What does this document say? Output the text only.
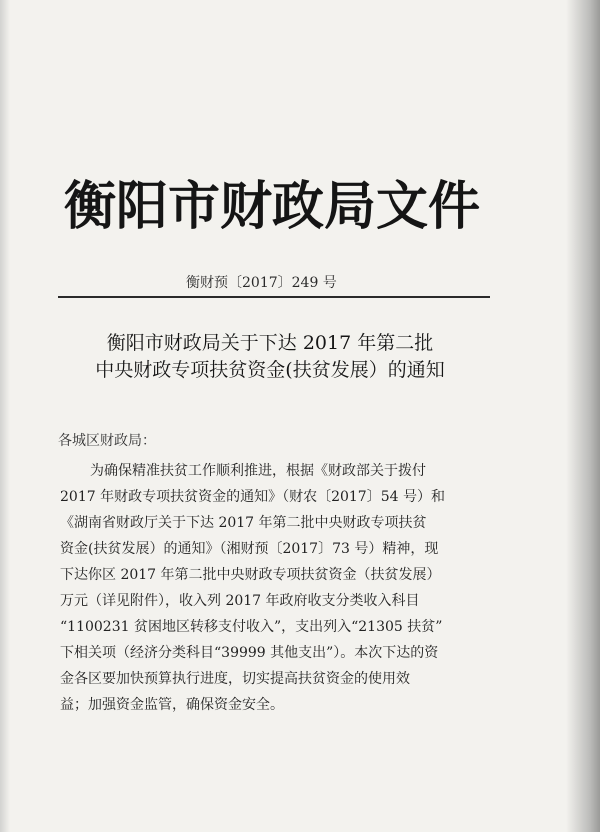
衡阳市财政局文件
衡财预〔2017〕249 号
衡阳市财政局关于下达 2017 年第二批
中央财政专项扶贫资金(扶贫发展）的通知
各城区财政局：
为确保精准扶贫工作顺利推进，根据《财政部关于拨付
2017 年财政专项扶贫资金的通知》（财农〔2017〕54 号）和
《湖南省财政厅关于下达 2017 年第二批中央财政专项扶贫
资金(扶贫发展）的通知》（湘财预〔2017〕73 号）精神，现
下达你区 2017 年第二批中央财政专项扶贫资金（扶贫发展）
万元（详见附件），收入列 2017 年政府收支分类收入科目
“1100231 贫困地区转移支付收入”，支出列入“21305 扶贫”
下相关项（经济分类科目“39999 其他支出”）。本次下达的资
金各区要加快预算执行进度，切实提高扶贫资金的使用效
益；加强资金监管，确保资金安全。
